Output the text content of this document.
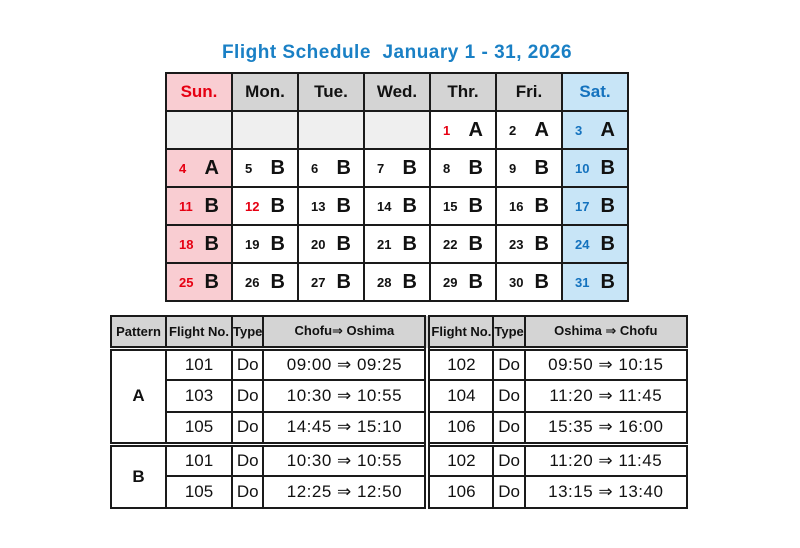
Flight Schedule  January 1 - 31, 2026
Sun.	Mon.	Tue.	Wed.	Thr.	Fri.	Sat.

				1 A	2 A	3 A

4 A	5 B	6 B	7 B	8 B	9 B	10 B

11 B	12 B	13 B	14 B	15 B	16 B	17 B

18 B	19 B	20 B	21 B	22 B	23 B	24 B

25 B	26 B	27 B	28 B	29 B	30 B	31 B
Pattern	Flight No.	Type	Chofu⇒ Oshima	Flight No.	Type	Oshima ⇒ Chofu
A	101	Do	09:00 ⇒ 09:25	102	Do	09:50 ⇒ 10:15
	103	Do	10:30 ⇒ 10:55	104	Do	11:20 ⇒ 11:45
	105	Do	14:45 ⇒ 15:10	106	Do	15:35 ⇒ 16:00
B	101	Do	10:30 ⇒ 10:55	102	Do	11:20 ⇒ 11:45
	105	Do	12:25 ⇒ 12:50	106	Do	13:15 ⇒ 13:40
